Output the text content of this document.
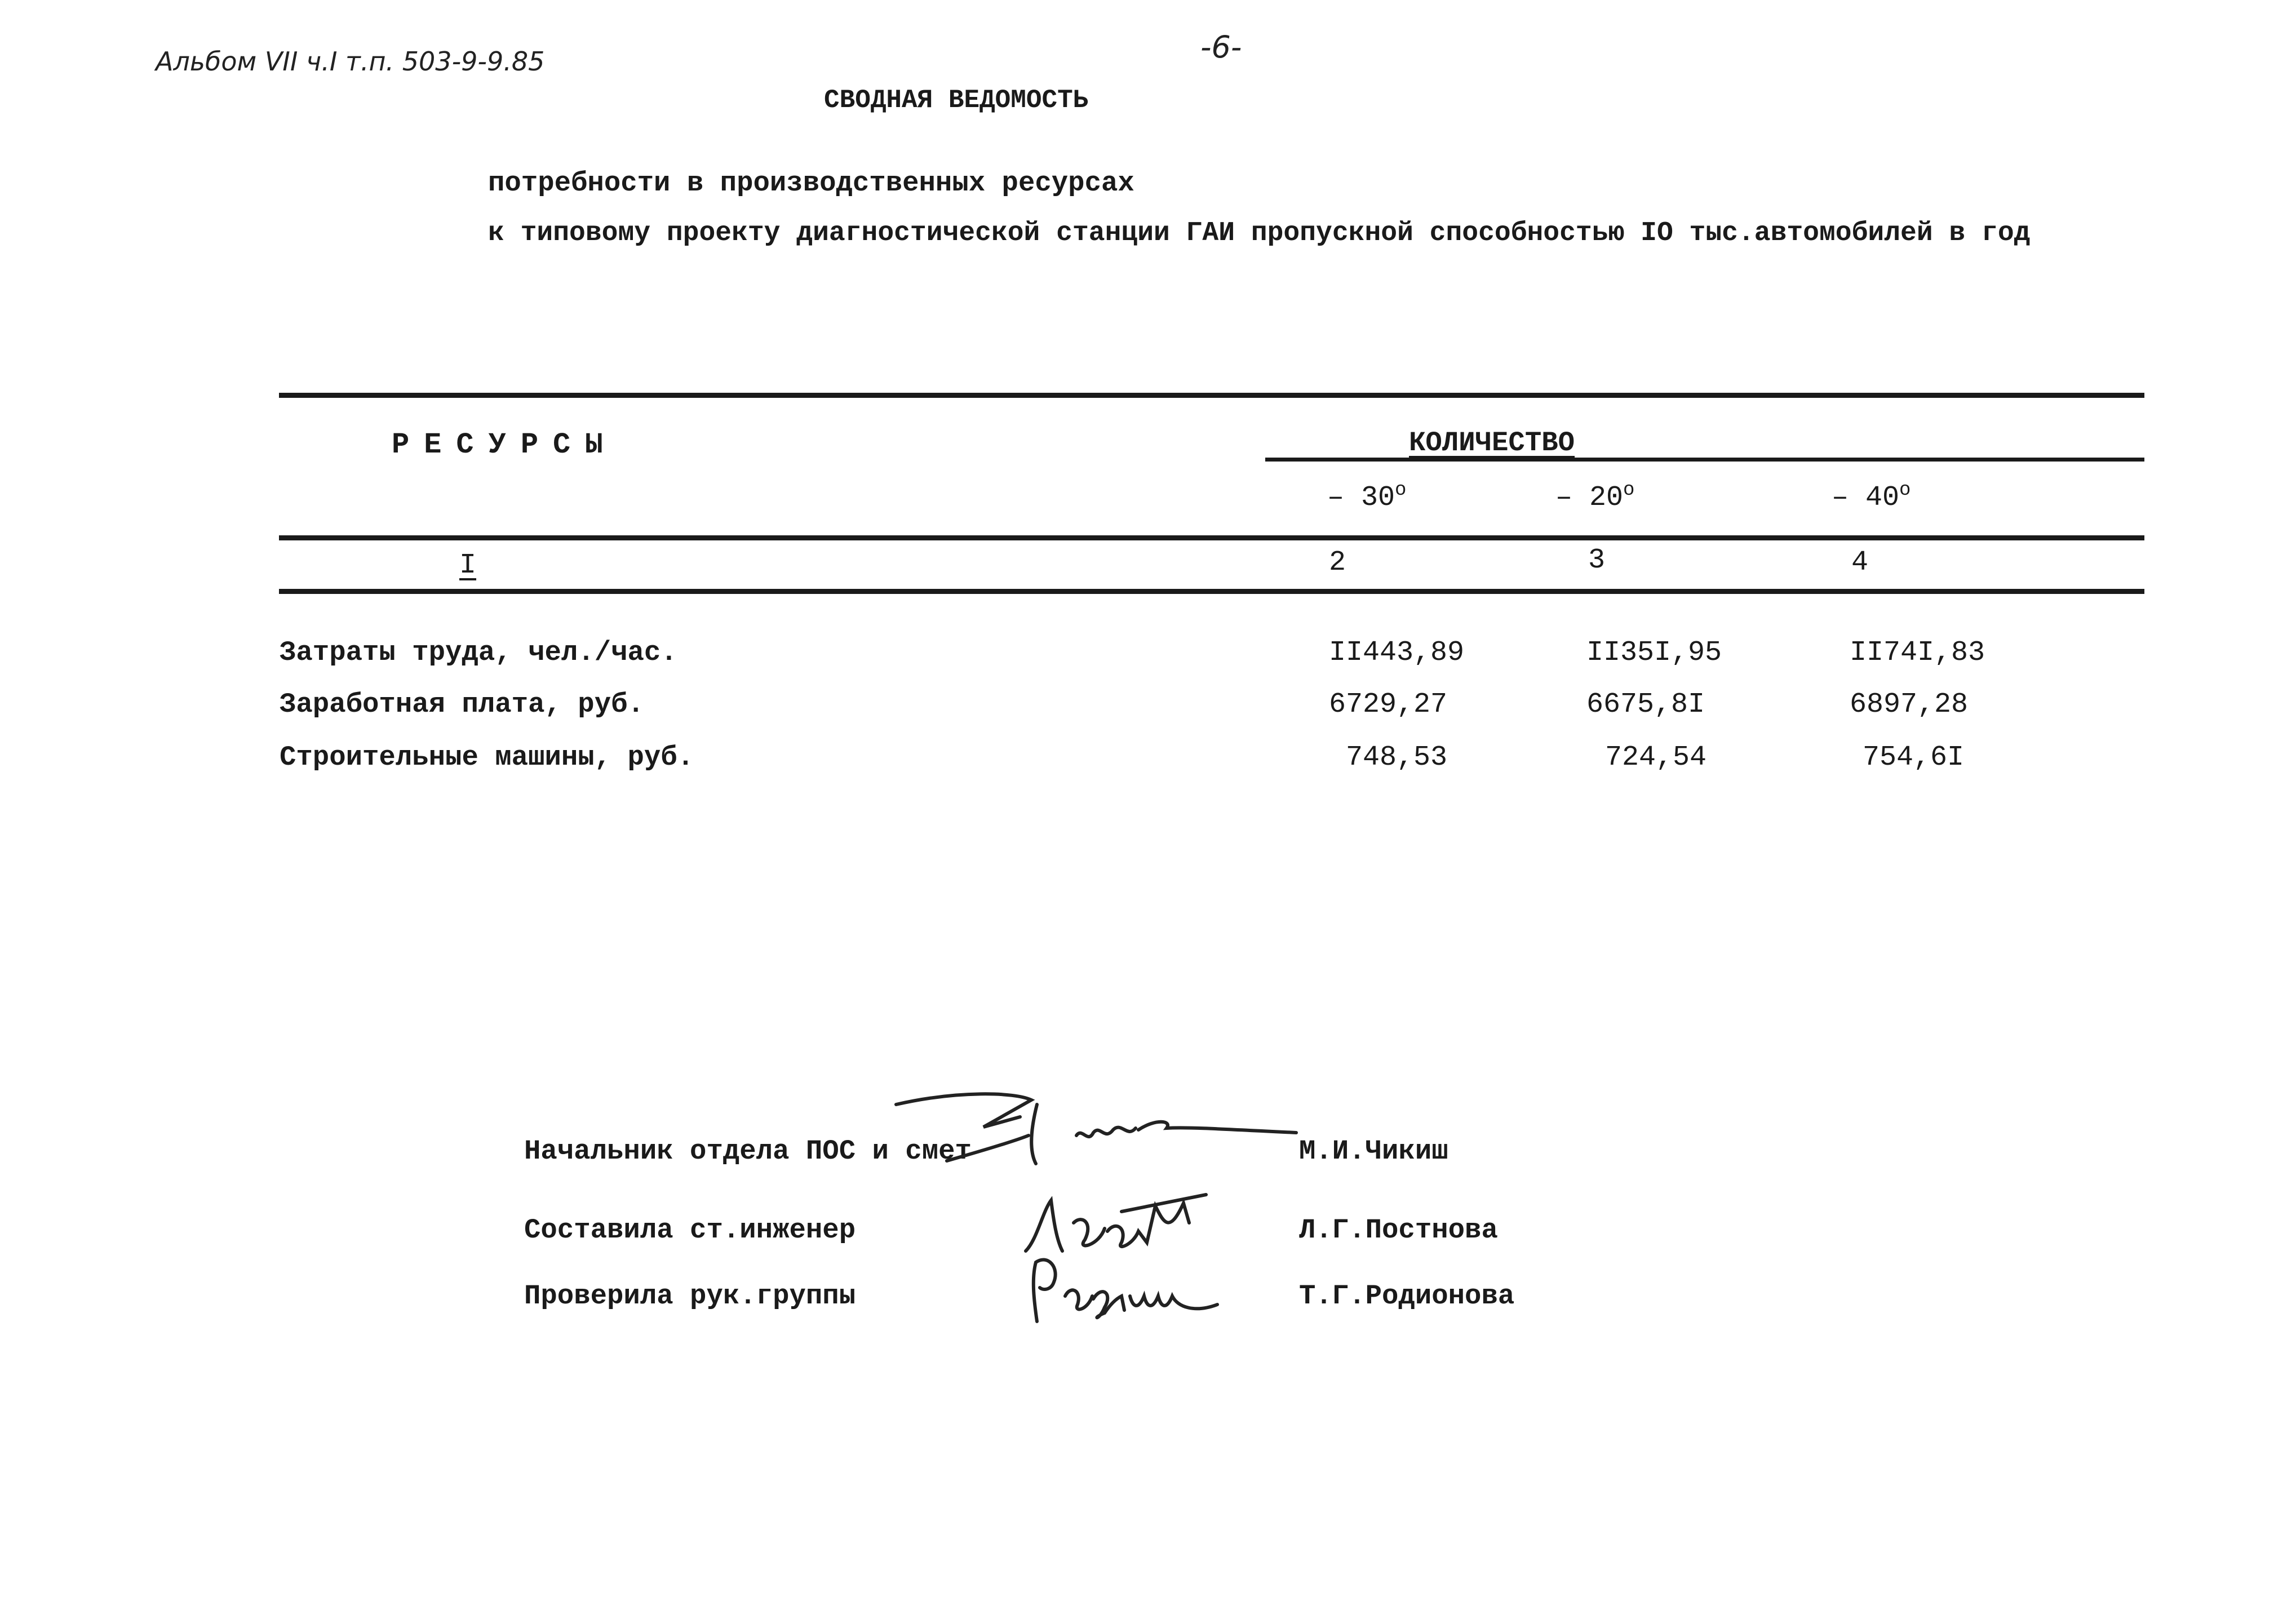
Альбом VII ч.I т.п. 503-9-9.85	-6-
СВОДНАЯ ВЕДОМОСТЬ
потребности в производственных ресурсах
к типовому проекту диагностической станции ГАИ пропускной способностью IO тыс.автомобилей в год
РЕСУРСЫ	КОЛИЧЕСТВО
– $30^о$	– $20^о$	– $40^о$
I	2	3	4
Затраты труда, чел./час.	II443,89	II35I,95	II74I,83
Заработная плата, руб.	6729,27	6675,8I	6897,28
Строительные машины, руб.	748,53	724,54	754,6I
Начальник отдела ПОС и смет	М.И.Чикиш
Составила ст.инженер	Л.Г.Постнова
Проверила рук.группы	Т.Г.Родионова
